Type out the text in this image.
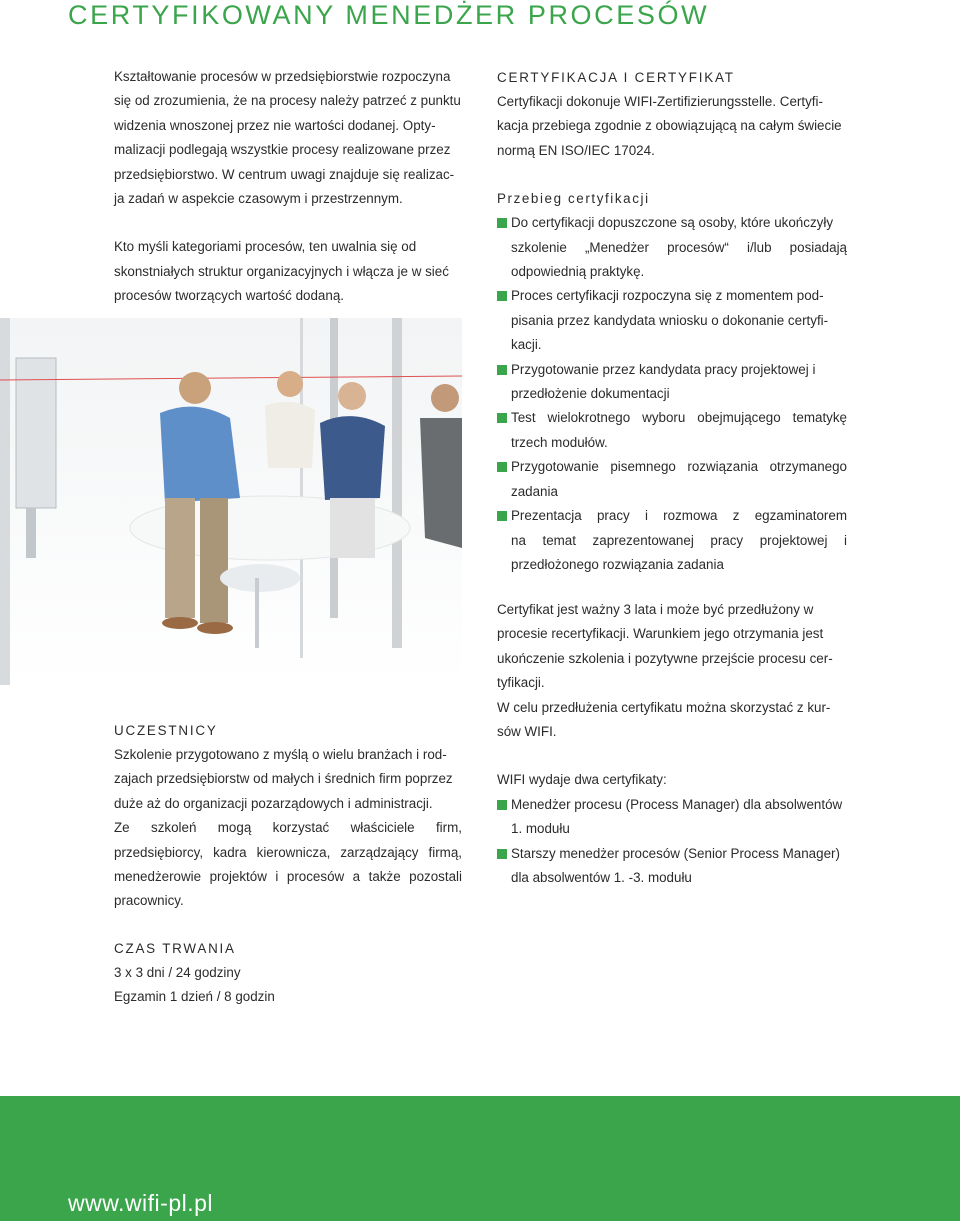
CERTYFIKOWANY MENEDŻER PROCESÓW
Kształtowanie procesów w przedsiębiorstwie rozpoczyna
się od zrozumienia, że na procesy należy patrzeć z punktu
widzenia wnoszonej przez nie wartości dodanej. Opty-
malizacji podlegają wszystkie procesy realizowane przez
przedsiębiorstwo. W centrum uwagi znajduje się realizac-
ja zadań w aspekcie czasowym i przestrzennym.
Kto myśli kategoriami procesów, ten uwalnia się od
skonstniałych struktur organizacyjnych i włącza je w sieć
procesów tworzących wartość dodaną.
UCZESTNICY
Szkolenie przygotowano z myślą o wielu branżach i rod-
zajach przedsiębiorstw od małych i średnich firm poprzez
duże aż do organizacji pozarządowych i administracji.
Ze szkoleń mogą korzystać właściciele firm,
przedsiębiorcy, kadra kierownicza, zarządzający firmą,
menedżerowie projektów i procesów a także pozostali
pracownicy.
CZAS TRWANIA
3 x 3 dni / 24 godziny
Egzamin 1 dzień / 8 godzin
CERTYFIKACJA I CERTYFIKAT
Certyfikacji dokonuje WIFI-Zertifizierungsstelle. Certyfi-
kacja przebiega zgodnie z obowiązującą na całym świecie
normą EN ISO/IEC 17024.
Przebieg certyfikacji
Do certyfikacji dopuszczone są osoby, które ukończyły
szkolenie „Menedżer procesów“ i/lub posiadają
odpowiednią praktykę.
Proces certyfikacji rozpoczyna się z momentem pod-
pisania przez kandydata wniosku o dokonanie certyfi-
kacji.
Przygotowanie przez kandydata pracy projektowej i
przedłożenie dokumentacji
Test wielokrotnego wyboru obejmującego tematykę
trzech modułów.
Przygotowanie pisemnego rozwiązania otrzymanego
zadania
Prezentacja pracy i rozmowa z egzaminatorem
na temat zaprezentowanej pracy projektowej i
przedłożonego rozwiązania zadania
Certyfikat jest ważny 3 lata i może być przedłużony w
procesie recertyfikacji. Warunkiem jego otrzymania jest
ukończenie szkolenia i pozytywne przejście procesu cer-
tyfikacji.
W celu przedłużenia certyfikatu można skorzystać z kur-
sów WIFI.
WIFI wydaje dwa certyfikaty:
Menedżer procesu (Process Manager) dla absolwentów
1. modułu
Starszy menedżer procesów (Senior Process Manager)
dla absolwentów 1. -3. modułu
www.wifi-pl.pl
